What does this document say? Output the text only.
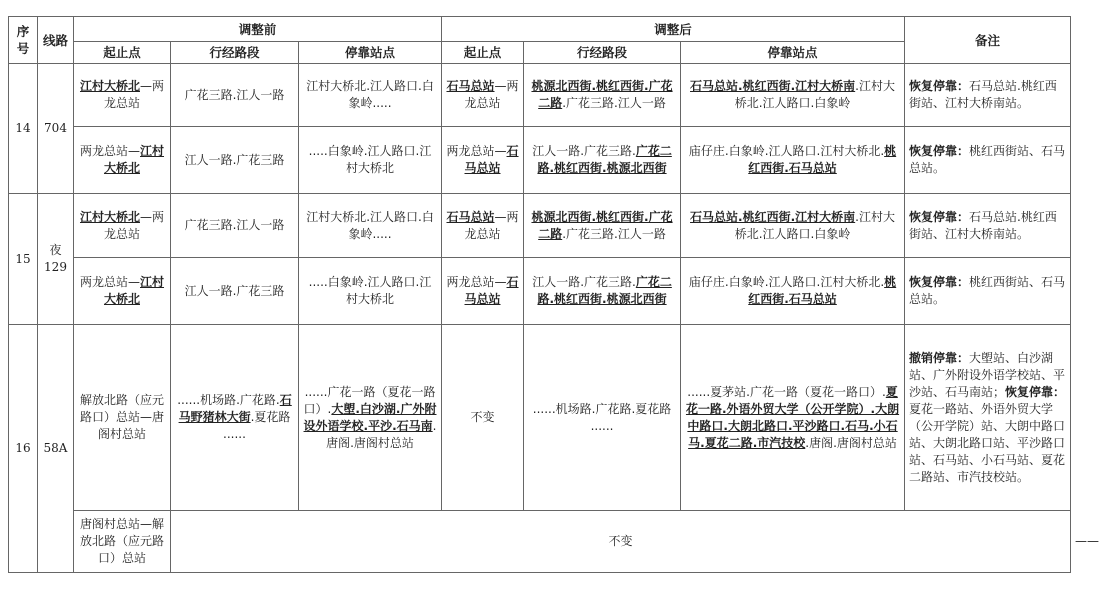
序号	线路	调整前			调整后			备注	
		起止点	行经路段	停靠站点	起止点	行经路段	停靠站点		
14	704	江村大桥北—两龙总站	广花三路.江人一路	江村大桥北.江人路口.白象岭.....	石马总站—两龙总站	桃源北西街.桃红西街.广花二路.广花三路.江人一路	石马总站.桃红西街.江村大桥南.江村大桥北.江人路口.白象岭	恢复停靠：石马总站.桃红西街站、江村大桥南站。	
		两龙总站—江村大桥北	江人一路.广花三路	.....白象岭.江人路口.江村大桥北	两龙总站—石马总站	江人一路.广花三路.广花二路.桃红西街.桃源北西街	庙仔庄.白象岭.江人路口.江村大桥北.桃红西街.石马总站	恢复停靠：桃红西街站、石马总站。	
15	夜129	江村大桥北—两龙总站	广花三路.江人一路	江村大桥北.江人路口.白象岭.....	石马总站—两龙总站	桃源北西街.桃红西街.广花二路.广花三路.江人一路	石马总站.桃红西街.江村大桥南.江村大桥北.江人路口.白象岭	恢复停靠：石马总站.桃红西街站、江村大桥南站。	
		两龙总站—江村大桥北	江人一路.广花三路	.....白象岭.江人路口.江村大桥北	两龙总站—石马总站	江人一路.广花三路.广花二路.桃红西街.桃源北西街	庙仔庄.白象岭.江人路口.江村大桥北.桃红西街.石马总站	恢复停靠：桃红西街站、石马总站。	
16	58A	解放北路（应元路口）总站—唐阁村总站	......机场路.广花路.石马野猪林大街.夏花路 ......	......广花一路（夏花一路口）.大塱.白沙湖.广外附设外语学校.平沙.石马南.唐阁.唐阁村总站	不变	......机场路.广花路.夏花路 ......	......夏茅站.广花一路（夏花一路口）.夏花一路.外语外贸大学（公开学院）.大朗中路口.大朗北路口.平沙路口.石马.小石马.夏花二路.市汽技校.唐阁.唐阁村总站	撤销停靠：大塱站、白沙湖站、广外附设外语学校站、平沙站、石马南站；恢复停靠：夏花一路站、外语外贸大学（公开学院）站、大朗中路口站、大朗北路口站、平沙路口站、石马站、小石马站、夏花二路站、市汽技校站。	
		唐阁村总站—解放北路（应元路口）总站	不变						——
